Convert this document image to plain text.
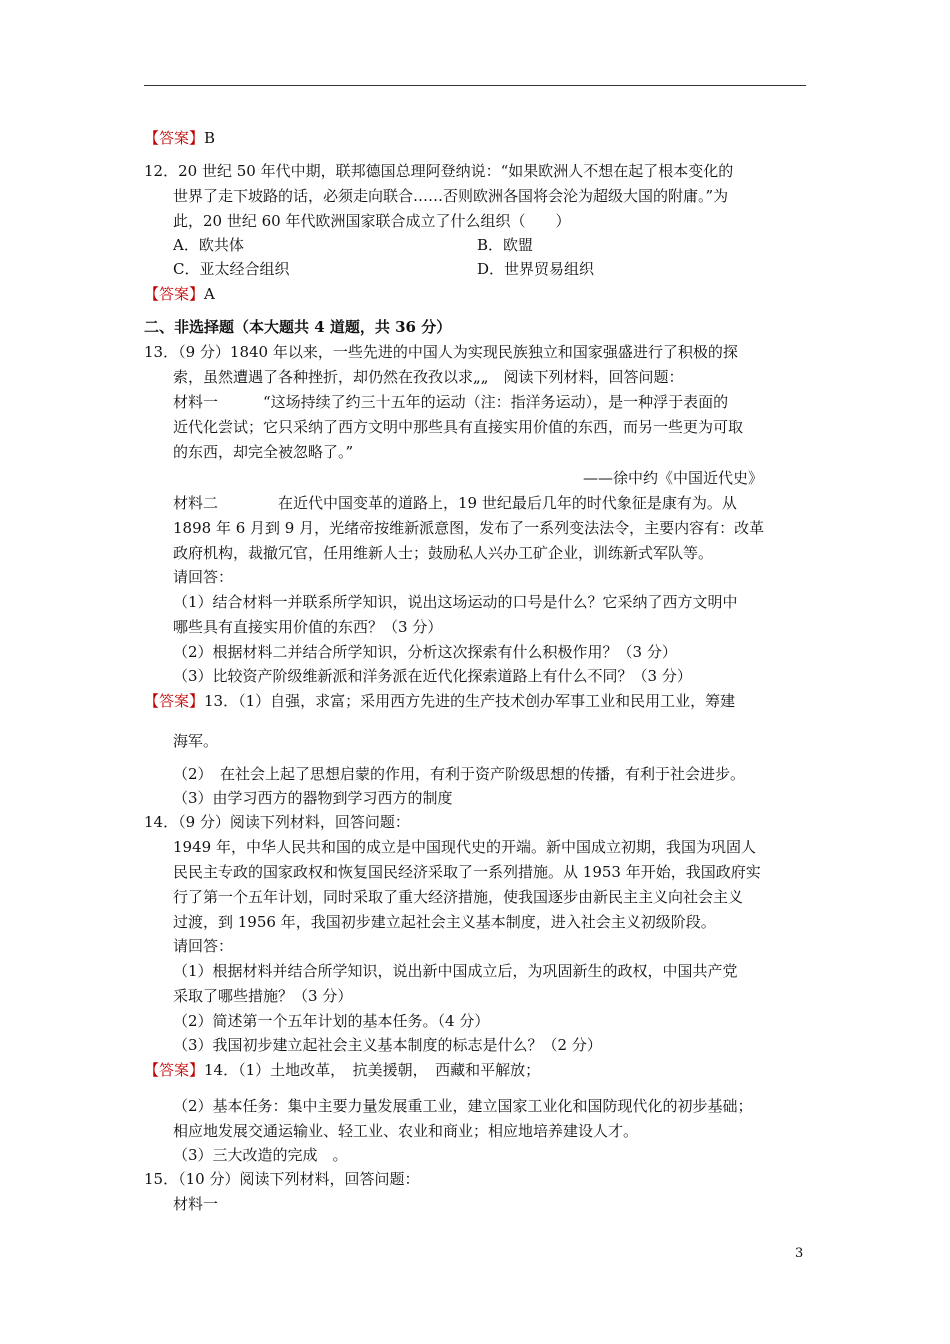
【答案】B
12．20 世纪 50 年代中期，联邦德国总理阿登纳说：“如果欧洲人不想在起了根本变化的
世界了走下坡路的话，必须走向联合……否则欧洲各国将会沦为超级大国的附庸。”为
此，20 世纪 60 年代欧洲国家联合成立了什么组织（　　）
A．欧共体	B．欧盟
C．亚太经合组织	D．世界贸易组织
【答案】A
二、非选择题（本大题共 4 道题，共 36 分）
13．（9 分）1840 年以来，一些先进的中国人为实现民族独立和国家强盛进行了积极的探
索，虽然遭遇了各种挫折，却仍然在孜孜以求„„　阅读下列材料，回答问题：
材料一　　　“这场持续了约三十五年的运动（注：指洋务运动），是一种浮于表面的
近代化尝试；它只采纳了西方文明中那些具有直接实用价值的东西，而另一些更为可取
的东西，却完全被忽略了。”
——徐中约《中国近代史》
材料二　　　　在近代中国变革的道路上，19 世纪最后几年的时代象征是康有为。从
1898 年 6 月到 9 月，光绪帝按维新派意图，发布了一系列变法法令，主要内容有：改革
政府机构，裁撤冗官，任用维新人士；鼓励私人兴办工矿企业，训练新式军队等。
请回答：
（1）结合材料一并联系所学知识，说出这场运动的口号是什么？它采纳了西方文明中
哪些具有直接实用价值的东西？（3 分）
（2）根据材料二并结合所学知识，分析这次探索有什么积极作用？（3 分）
（3）比较资产阶级维新派和洋务派在近代化探索道路上有什么不同？（3 分）
【答案】13．（1）自强，求富；采用西方先进的生产技术创办军事工业和民用工业，筹建
海军。
（2）　在社会上起了思想启蒙的作用，有利于资产阶级思想的传播，有利于社会进步。
（3）由学习西方的器物到学习西方的制度
14．（9 分）阅读下列材料，回答问题：
1949 年，中华人民共和国的成立是中国现代史的开端。新中国成立初期，我国为巩固人
民民主专政的国家政权和恢复国民经济采取了一系列措施。从 1953 年开始，我国政府实
行了第一个五年计划，同时采取了重大经济措施，使我国逐步由新民主主义向社会主义
过渡，到 1956 年，我国初步建立起社会主义基本制度，进入社会主义初级阶段。
请回答：
（1）根据材料并结合所学知识，说出新中国成立后，为巩固新生的政权，中国共产党
采取了哪些措施？（3 分）
（2）简述第一个五年计划的基本任务。（4 分）
（3）我国初步建立起社会主义基本制度的标志是什么？（2 分）
【答案】14．（1）土地改革，　抗美援朝，　西藏和平解放；
（2）基本任务：集中主要力量发展重工业，建立国家工业化和国防现代化的初步基础；
相应地发展交通运输业、轻工业、农业和商业；相应地培养建设人才。
（3）三大改造的完成　。
15．（10 分）阅读下列材料，回答问题：
材料一
3
